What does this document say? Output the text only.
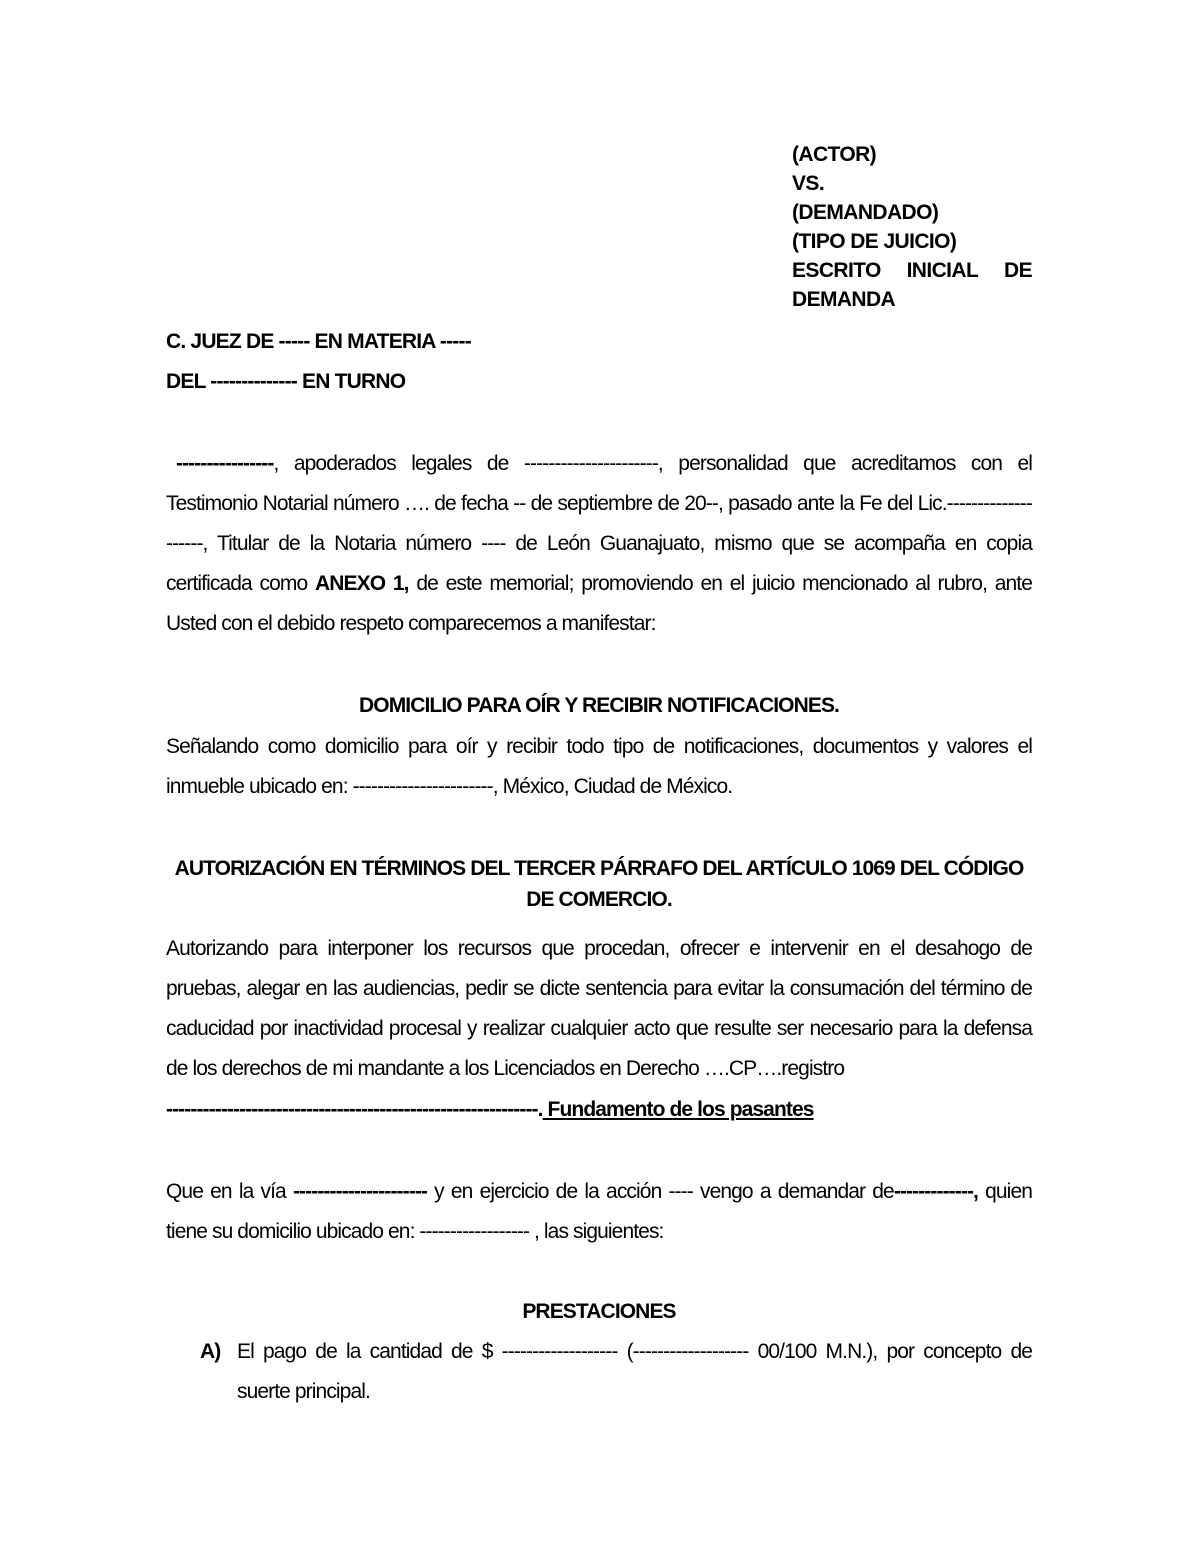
(ACTOR)
VS.
(DEMANDADO)
(TIPO DE JUICIO)
ESCRITO INICIAL DE
DEMANDA
C. JUEZ DE ----- EN MATERIA -----
DEL -------------- EN TURNO
----------------, apoderados legales de ----------------------, personalidad que acreditamos con el Testimonio Notarial número …. de fecha -- de septiembre de 20--, pasado ante la Fe del Lic.--------------------, Titular de la Notaria número ---- de León Guanajuato, mismo que se acompaña en copia certificada como ANEXO 1, de este memorial; promoviendo en el juicio mencionado al rubro, ante Usted con el debido respeto comparecemos a manifestar:
DOMICILIO PARA OÍR Y RECIBIR NOTIFICACIONES.
Señalando como domicilio para oír y recibir todo tipo de notificaciones, documentos y valores el inmueble ubicado en: -----------------------, México, Ciudad de México.
AUTORIZACIÓN EN TÉRMINOS DEL TERCER PÁRRAFO DEL ARTÍCULO 1069 DEL CÓDIGO
DE COMERCIO.
Autorizando para interponer los recursos que procedan, ofrecer e intervenir en el desahogo de pruebas, alegar en las audiencias, pedir se dicte sentencia para evitar la consumación del término de caducidad por inactividad procesal y realizar cualquier acto que resulte ser necesario para la defensa de los derechos de mi mandante a los Licenciados en Derecho ….CP….registro
-------------------------------------------------------------. Fundamento de los pasantes
Que en la vía ---------------------- y en ejercicio de la acción ---- vengo a demandar de-------------, quien tiene su domicilio ubicado en: ------------------ , las siguientes:
PRESTACIONES
A) El pago de la cantidad de $ ------------------- (------------------- 00/100 M.N.), por concepto de suerte principal.
